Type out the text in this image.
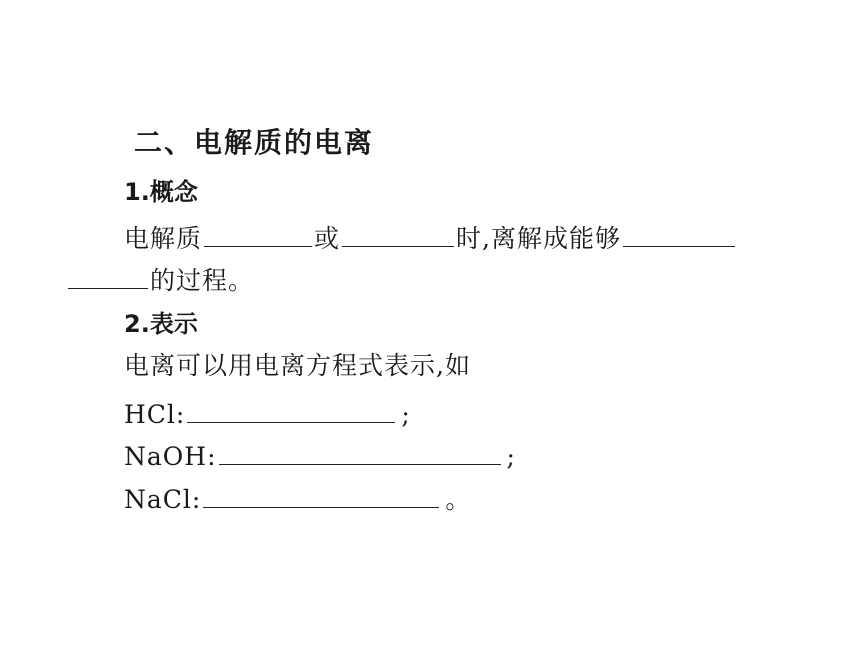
二、电解质的电离
1.概念
电解质	或	时,离解成能够
的过程。
2.表示
电离可以用电离方程式表示,如
HCl:	;
NaOH:	;
NaCl:	。
